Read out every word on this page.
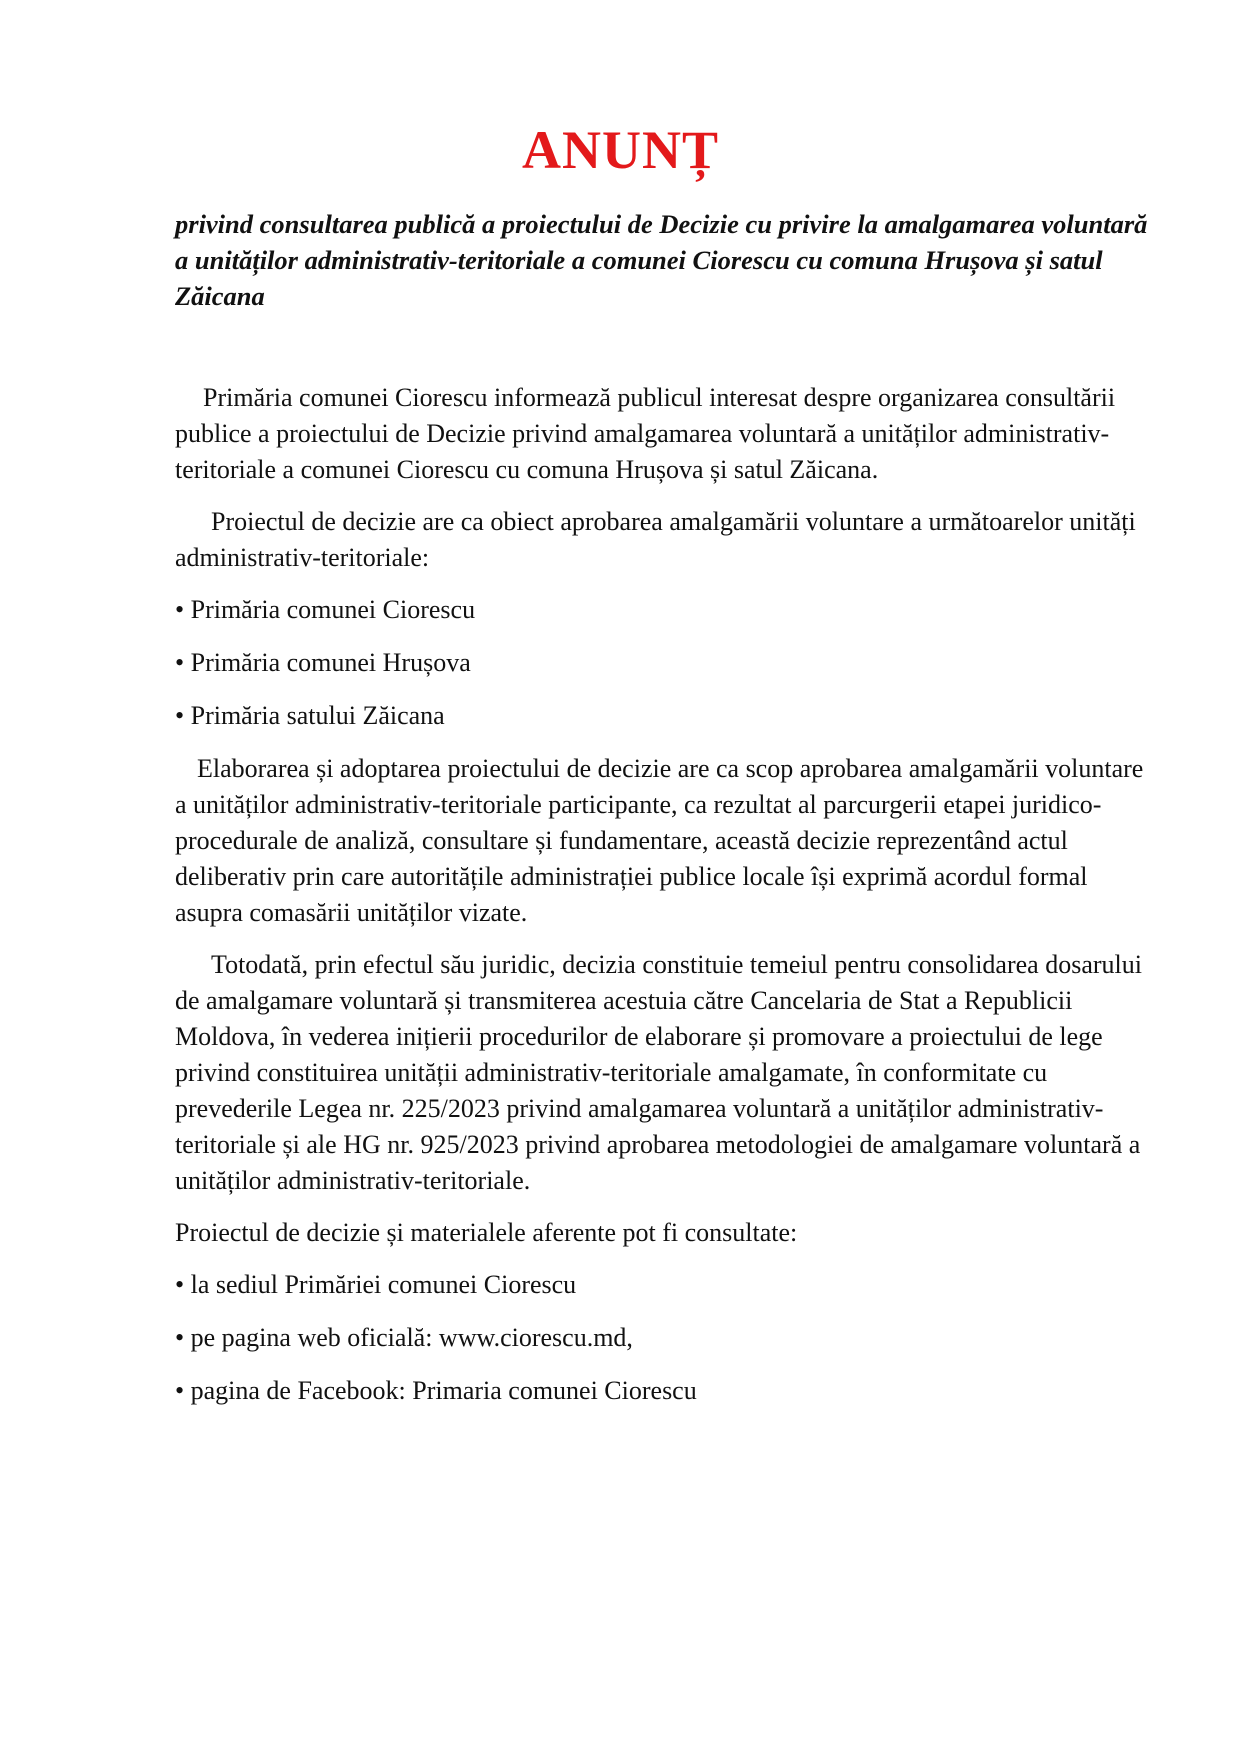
ANUNȚ

privind consultarea publică a proiectului de Decizie cu privire la amalgamarea voluntară a unităților administrativ-teritoriale a comunei Ciorescu cu comuna Hrușova și satul Zăicana

Primăria comunei Ciorescu informează publicul interesat despre organizarea consultării publice a proiectului de Decizie privind amalgamarea voluntară a unităților administrativ-teritoriale a comunei Ciorescu cu comuna Hrușova și satul Zăicana.

Proiectul de decizie are ca obiect aprobarea amalgamării voluntare a următoarelor unități administrativ-teritoriale:

• Primăria comunei Ciorescu

• Primăria comunei Hrușova

• Primăria satului Zăicana

Elaborarea și adoptarea proiectului de decizie are ca scop aprobarea amalgamării voluntare a unităților administrativ-teritoriale participante, ca rezultat al parcurgerii etapei juridico-procedurale de analiză, consultare și fundamentare, această decizie reprezentând actul deliberativ prin care autoritățile administrației publice locale își exprimă acordul formal asupra comasării unităților vizate.

Totodată, prin efectul său juridic, decizia constituie temeiul pentru consolidarea dosarului de amalgamare voluntară și transmiterea acestuia către Cancelaria de Stat a Republicii Moldova, în vederea inițierii procedurilor de elaborare și promovare a proiectului de lege privind constituirea unității administrativ-teritoriale amalgamate, în conformitate cu prevederile Legea nr. 225/2023 privind amalgamarea voluntară a unităților administrativ-teritoriale și ale HG nr. 925/2023 privind aprobarea metodologiei de amalgamare voluntară a unităților administrativ-teritoriale.

Proiectul de decizie și materialele aferente pot fi consultate:

• la sediul Primăriei comunei Ciorescu

• pe pagina web oficială: www.ciorescu.md,

• pagina de Facebook: Primaria comunei Ciorescu
